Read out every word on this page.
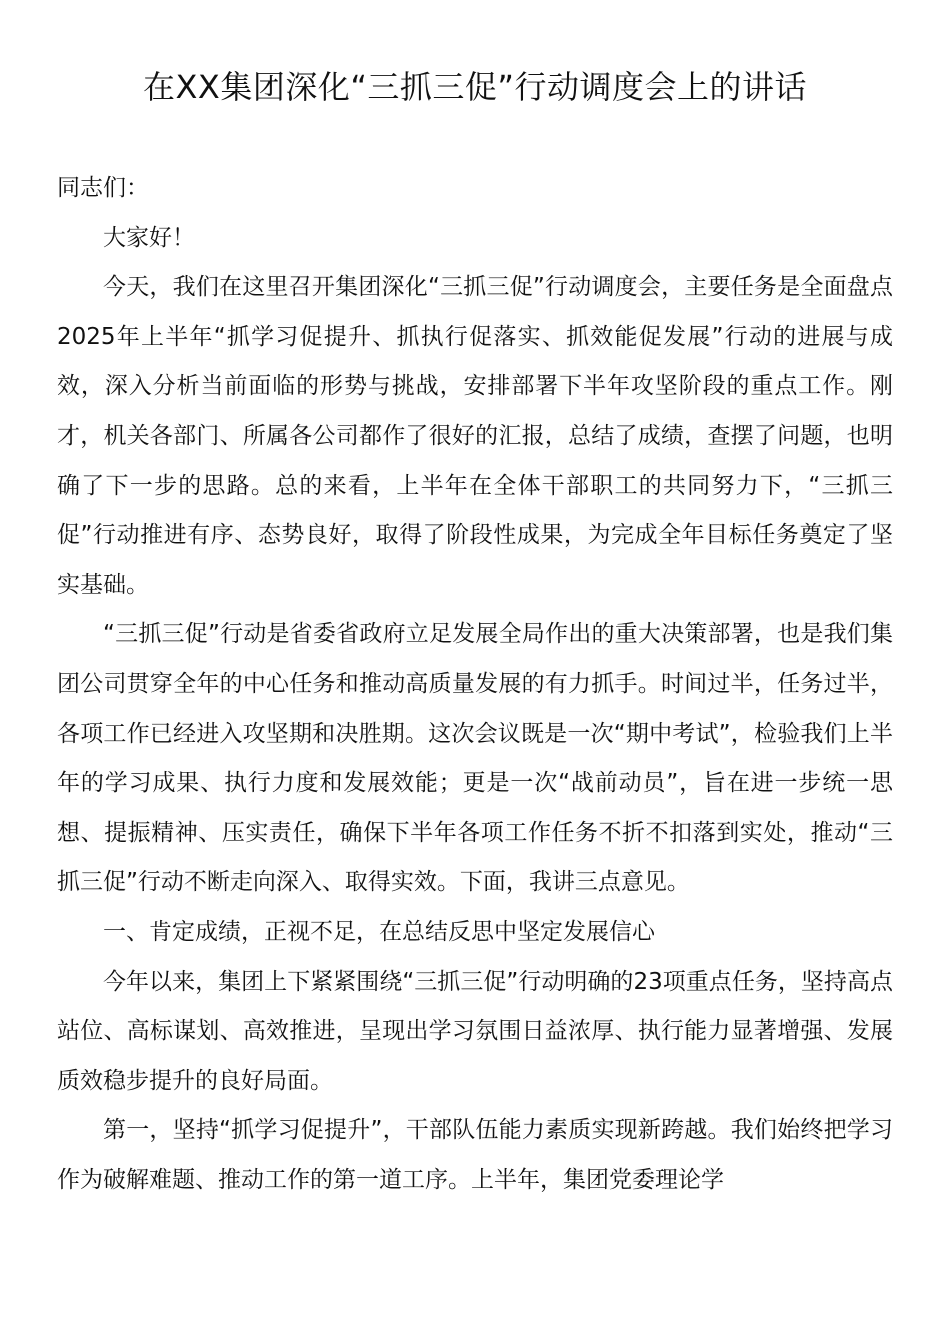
在XX集团深化“三抓三促”行动调度会上的讲话

同志们：

大家好！

今天，我们在这里召开集团深化“三抓三促”行动调度会，主要任务是全面盘点2025年上半年“抓学习促提升、抓执行促落实、抓效能促发展”行动的进展与成效，深入分析当前面临的形势与挑战，安排部署下半年攻坚阶段的重点工作。刚才，机关各部门、所属各公司都作了很好的汇报，总结了成绩，查摆了问题，也明确了下一步的思路。总的来看，上半年在全体干部职工的共同努力下，“三抓三促”行动推进有序、态势良好，取得了阶段性成果，为完成全年目标任务奠定了坚实基础。

“三抓三促”行动是省委省政府立足发展全局作出的重大决策部署，也是我们集团公司贯穿全年的中心任务和推动高质量发展的有力抓手。时间过半，任务过半，各项工作已经进入攻坚期和决胜期。这次会议既是一次“期中考试”，检验我们上半年的学习成果、执行力度和发展效能；更是一次“战前动员”，旨在进一步统一思想、提振精神、压实责任，确保下半年各项工作任务不折不扣落到实处，推动“三抓三促”行动不断走向深入、取得实效。下面，我讲三点意见。

一、肯定成绩，正视不足，在总结反思中坚定发展信心

今年以来，集团上下紧紧围绕“三抓三促”行动明确的23项重点任务，坚持高点站位、高标谋划、高效推进，呈现出学习氛围日益浓厚、执行能力显著增强、发展质效稳步提升的良好局面。

第一，坚持“抓学习促提升”，干部队伍能力素质实现新跨越。我们始终把学习作为破解难题、推动工作的第一道工序。上半年，集团党委理论学
